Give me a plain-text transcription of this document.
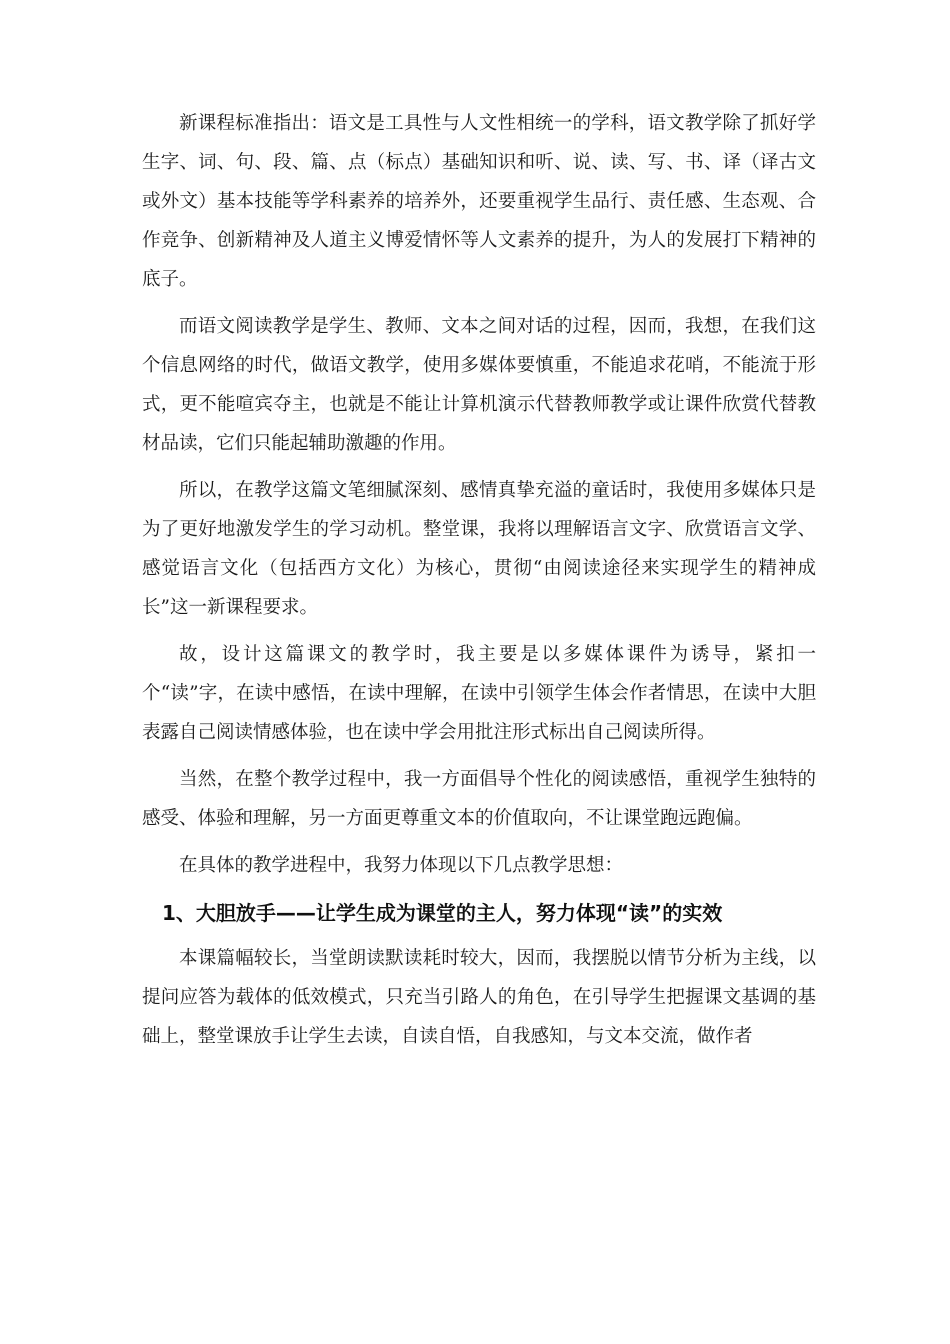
新课程标准指出：语文是工具性与人文性相统一的学科，语文教学除了抓好学生字、词、句、段、篇、点（标点）基础知识和听、说、读、写、书、译（译古文或外文）基本技能等学科素养的培养外，还要重视学生品行、责任感、生态观、合作竞争、创新精神及人道主义博爱情怀等人文素养的提升，为人的发展打下精神的底子。

而语文阅读教学是学生、教师、文本之间对话的过程，因而，我想，在我们这个信息网络的时代，做语文教学，使用多媒体要慎重，不能追求花哨，不能流于形式，更不能喧宾夺主，也就是不能让计算机演示代替教师教学或让课件欣赏代替教材品读，它们只能起辅助激趣的作用。

所以，在教学这篇文笔细腻深刻、感情真挚充溢的童话时，我使用多媒体只是为了更好地激发学生的学习动机。整堂课，我将以理解语言文字、欣赏语言文学、感觉语言文化（包括西方文化）为核心，贯彻“由阅读途径来实现学生的精神成长”这一新课程要求。

故，设计这篇课文的教学时，我主要是以多媒体课件为诱导，紧扣一个“读”字，在读中感悟，在读中理解，在读中引领学生体会作者情思，在读中大胆表露自己阅读情感体验，也在读中学会用批注形式标出自己阅读所得。

当然，在整个教学过程中，我一方面倡导个性化的阅读感悟，重视学生独特的感受、体验和理解，另一方面更尊重文本的价值取向，不让课堂跑远跑偏。

在具体的教学进程中，我努力体现以下几点教学思想：

1、大胆放手——让学生成为课堂的主人，努力体现“读”的实效

本课篇幅较长，当堂朗读默读耗时较大，因而，我摆脱以情节分析为主线，以提问应答为载体的低效模式，只充当引路人的角色，在引导学生把握课文基调的基础上，整堂课放手让学生去读，自读自悟，自我感知，与文本交流，做作者
